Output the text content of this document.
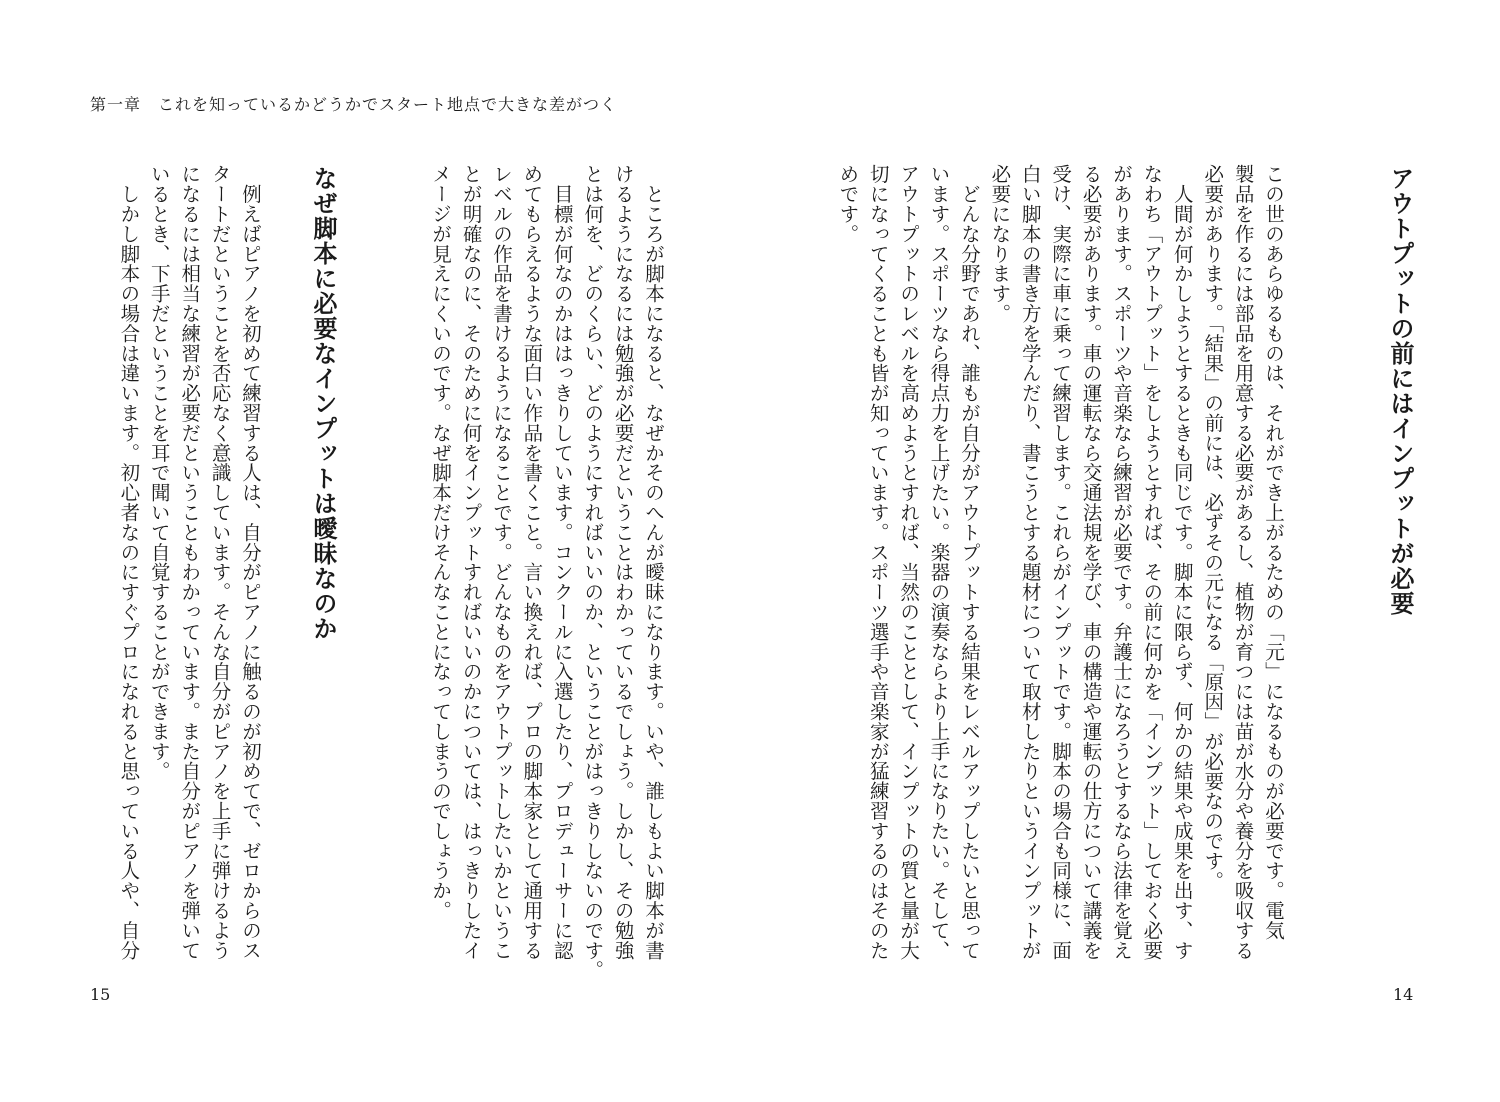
第一章　これを知っているかどうかでスタート地点で大きな差がつく
アウトプットの前にはインプットが必要
この世のあらゆるものは、それができ上がるための「元」になるものが必要です。電気
製品を作るには部品を用意する必要があるし、植物が育つには苗が水分や養分を吸収する
必要があります。「結果」の前には、必ずその元になる「原因」が必要なのです。
　人間が何かしようとするときも同じです。脚本に限らず、何かの結果や成果を出す、す
なわち「アウトプット」をしようとすれば、その前に何かを「インプット」しておく必要
があります。スポーツや音楽なら練習が必要です。弁護士になろうとするなら法律を覚え
る必要があります。車の運転なら交通法規を学び、車の構造や運転の仕方について講義を
受け、実際に車に乗って練習します。これらがインプットです。脚本の場合も同様に、面
白い脚本の書き方を学んだり、書こうとする題材について取材したりというインプットが
必要になります。
　どんな分野であれ、誰もが自分がアウトプットする結果をレベルアップしたいと思って
います。スポーツなら得点力を上げたい。楽器の演奏ならより上手になりたい。そして、
アウトプットのレベルを高めようとすれば、当然のこととして、インプットの質と量が大
切になってくることも皆が知っています。スポーツ選手や音楽家が猛練習するのはそのた
めです。
　ところが脚本になると、なぜかそのへんが曖昧になります。いや、誰しもよい脚本が書
けるようになるには勉強が必要だということはわかっているでしょう。しかし、その勉強
とは何を、どのくらい、どのようにすればいいのか、ということがはっきりしないのです。
　目標が何なのかははっきりしています。コンクールに入選したり、プロデューサーに認
めてもらえるような面白い作品を書くこと。言い換えれば、プロの脚本家として通用する
レベルの作品を書けるようになることです。どんなものをアウトプットしたいかというこ
とが明確なのに、そのために何をインプットすればいいのかについては、はっきりしたイ
メージが見えにくいのです。なぜ脚本だけそんなことになってしまうのでしょうか。
なぜ脚本に必要なインプットは曖昧なのか
　例えばピアノを初めて練習する人は、自分がピアノに触るのが初めてで、ゼロからのス
タートだということを否応なく意識しています。そんな自分がピアノを上手に弾けるよう
になるには相当な練習が必要だということもわかっています。また自分がピアノを弾いて
いるとき、下手だということを耳で聞いて自覚することができます。
　しかし脚本の場合は違います。初心者なのにすぐプロになれると思っている人や、自分
15	14
